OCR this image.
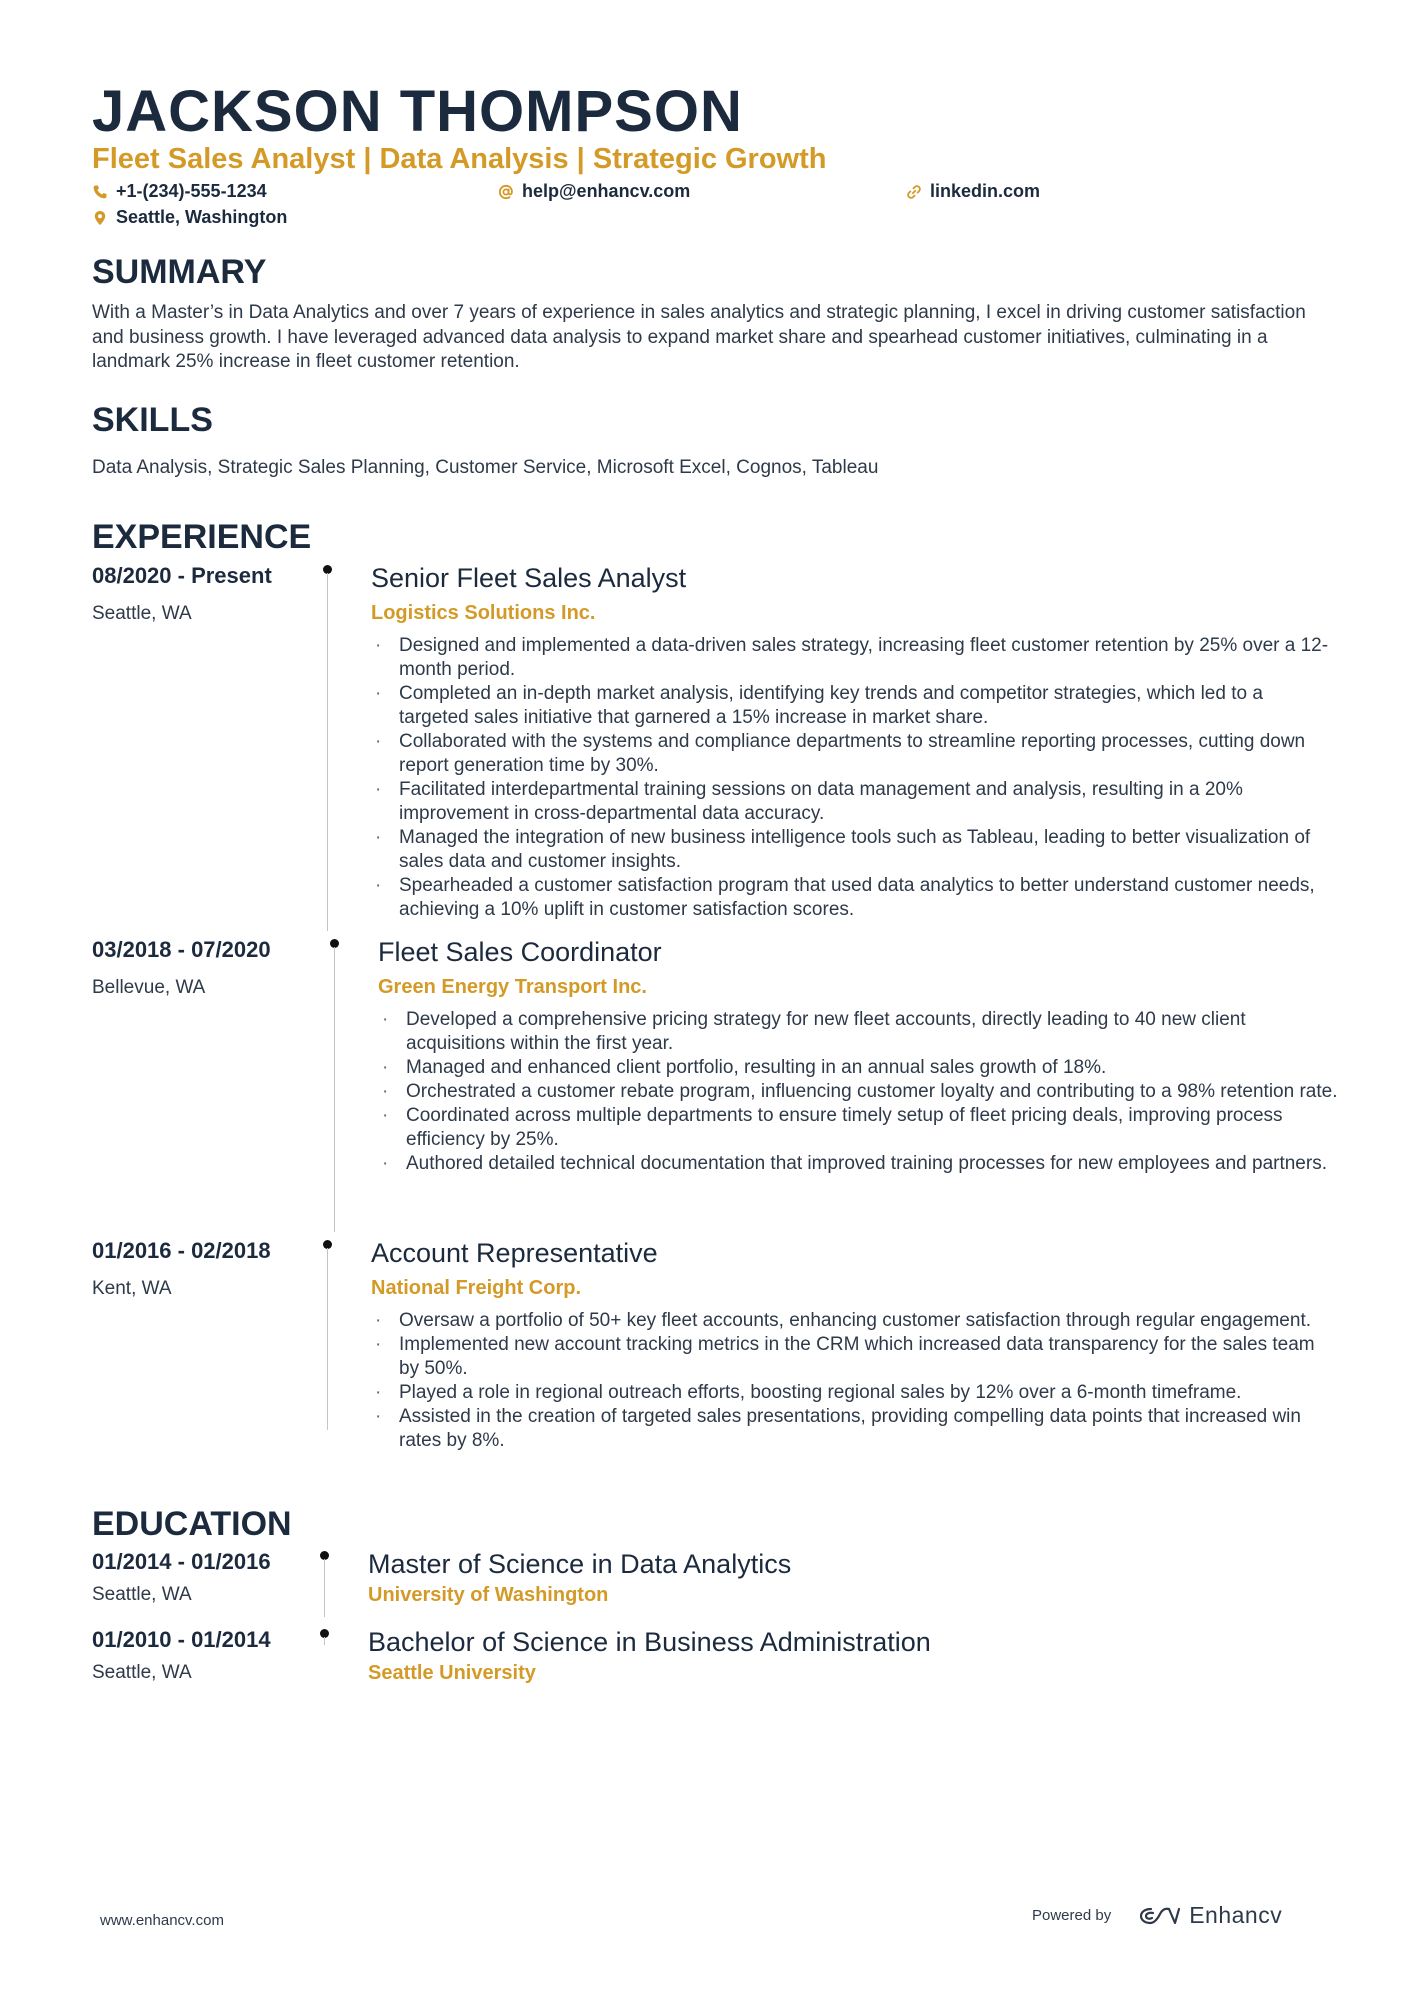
JACKSON THOMPSON
Fleet Sales Analyst | Data Analysis | Strategic Growth
+1-(234)-555-1234	help@enhancv.com	linkedin.com
Seattle, Washington
SUMMARY
With a Master’s in Data Analytics and over 7 years of experience in sales analytics and strategic planning, I excel in driving customer satisfaction and business growth. I have leveraged advanced data analysis to expand market share and spearhead customer initiatives, culminating in a landmark 25% increase in fleet customer retention.
SKILLS
Data Analysis, Strategic Sales Planning, Customer Service, Microsoft Excel, Cognos, Tableau
EXPERIENCE
08/2020 - Present
Seattle, WA
Senior Fleet Sales Analyst
Logistics Solutions Inc.
· Designed and implemented a data-driven sales strategy, increasing fleet customer retention by 25% over a 12-month period.
· Completed an in-depth market analysis, identifying key trends and competitor strategies, which led to a targeted sales initiative that garnered a 15% increase in market share.
· Collaborated with the systems and compliance departments to streamline reporting processes, cutting down report generation time by 30%.
· Facilitated interdepartmental training sessions on data management and analysis, resulting in a 20% improvement in cross-departmental data accuracy.
· Managed the integration of new business intelligence tools such as Tableau, leading to better visualization of sales data and customer insights.
· Spearheaded a customer satisfaction program that used data analytics to better understand customer needs, achieving a 10% uplift in customer satisfaction scores.
03/2018 - 07/2020
Bellevue, WA
Fleet Sales Coordinator
Green Energy Transport Inc.
· Developed a comprehensive pricing strategy for new fleet accounts, directly leading to 40 new client acquisitions within the first year.
· Managed and enhanced client portfolio, resulting in an annual sales growth of 18%.
· Orchestrated a customer rebate program, influencing customer loyalty and contributing to a 98% retention rate.
· Coordinated across multiple departments to ensure timely setup of fleet pricing deals, improving process efficiency by 25%.
· Authored detailed technical documentation that improved training processes for new employees and partners.
01/2016 - 02/2018
Kent, WA
Account Representative
National Freight Corp.
· Oversaw a portfolio of 50+ key fleet accounts, enhancing customer satisfaction through regular engagement.
· Implemented new account tracking metrics in the CRM which increased data transparency for the sales team by 50%.
· Played a role in regional outreach efforts, boosting regional sales by 12% over a 6-month timeframe.
· Assisted in the creation of targeted sales presentations, providing compelling data points that increased win rates by 8%.
EDUCATION
01/2014 - 01/2016
Seattle, WA
Master of Science in Data Analytics
University of Washington
01/2010 - 01/2014
Seattle, WA
Bachelor of Science in Business Administration
Seattle University
www.enhancv.com	Powered by	Enhancv
